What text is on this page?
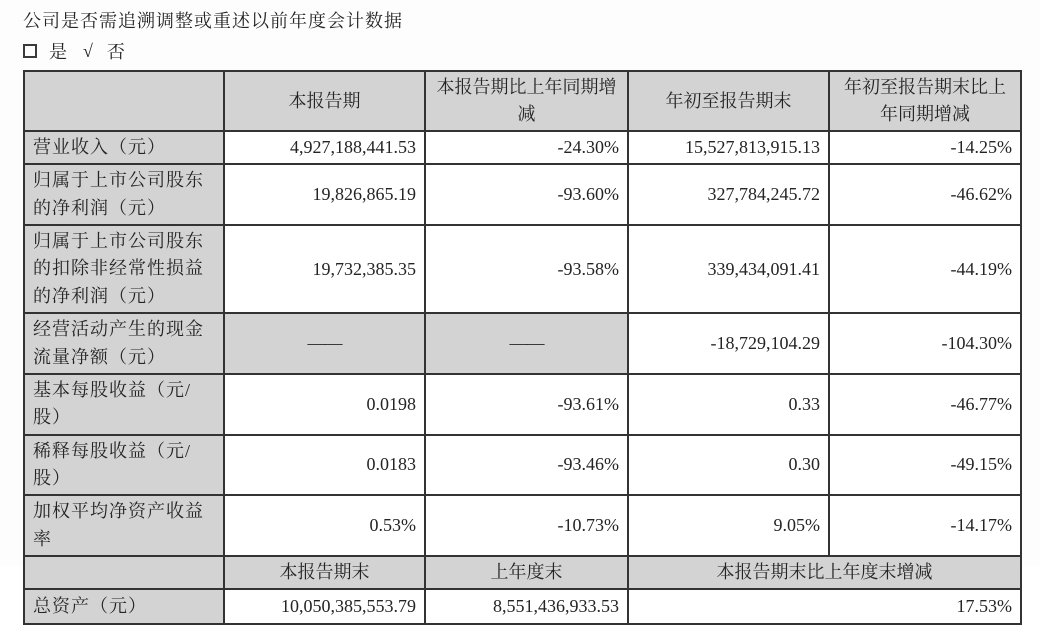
公司是否需追溯调整或重述以前年度会计数据
是 √ 否
	本报告期	本报告期比上年同期增减	年初至报告期末	年初至报告期末比上年同期增减
营业收入（元）	4,927,188,441.53	-24.30%	15,527,813,915.13	-14.25%
归属于上市公司股东的净利润（元）	19,826,865.19	-93.60%	327,784,245.72	-46.62%
归属于上市公司股东的扣除非经常性损益的净利润（元）	19,732,385.35	-93.58%	339,434,091.41	-44.19%
经营活动产生的现金流量净额（元）	——	——	-18,729,104.29	-104.30%
基本每股收益（元/股）	0.0198	-93.61%	0.33	-46.77%
稀释每股收益（元/股）	0.0183	-93.46%	0.30	-49.15%
加权平均净资产收益率	0.53%	-10.73%	9.05%	-14.17%
	本报告期末	上年度末	本报告期末比上年度末增减	
总资产（元）	10,050,385,553.79	8,551,436,933.53	17.53%	
